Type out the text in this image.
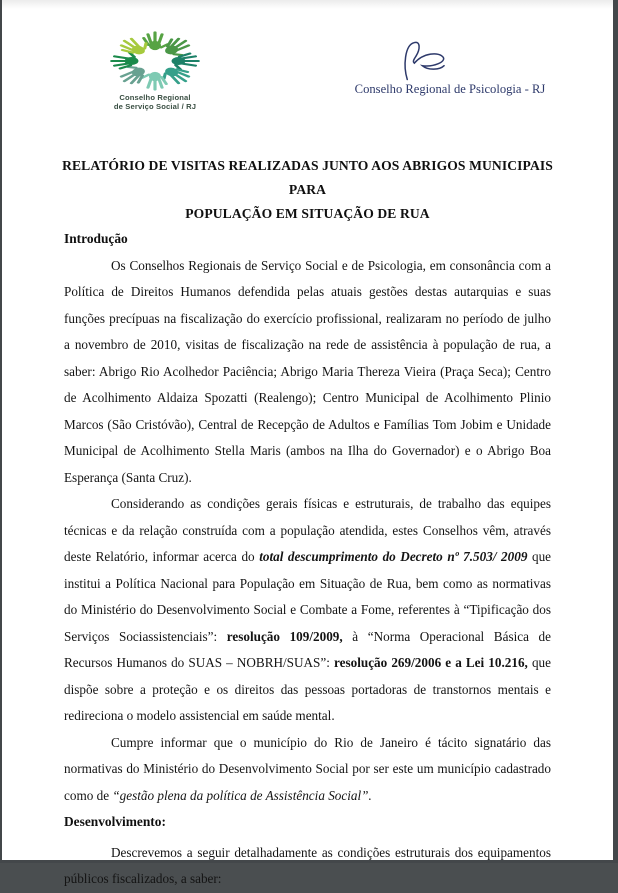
Conselho Regional
de Serviço Social / RJ
Conselho Regional de Psicologia - RJ
RELATÓRIO DE VISITAS REALIZADAS JUNTO AOS ABRIGOS MUNICIPAIS PARA
POPULAÇÃO EM SITUAÇÃO DE RUA
Introdução

Os Conselhos Regionais de Serviço Social e de Psicologia, em consonância com a Política de Direitos Humanos defendida pelas atuais gestões destas autarquias e suas funções precípuas na fiscalização do exercício profissional, realizaram no período de julho a novembro de 2010, visitas de fiscalização na rede de assistência à população de rua, a saber: Abrigo Rio Acolhedor Paciência; Abrigo Maria Thereza Vieira (Praça Seca); Centro de Acolhimento Aldaiza Spozatti (Realengo); Centro Municipal de Acolhimento Plinio Marcos (São Cristóvão), Central de Recepção de Adultos e Famílias Tom Jobim e Unidade Municipal de Acolhimento Stella Maris (ambos na Ilha do Governador) e o Abrigo Boa Esperança (Santa Cruz).

Considerando as condições gerais físicas e estruturais, de trabalho das equipes técnicas e da relação construída com a população atendida, estes Conselhos vêm, através deste Relatório, informar acerca do total descumprimento do Decreto nº 7.503/ 2009 que institui a Política Nacional para População em Situação de Rua, bem como as normativas do Ministério do Desenvolvimento Social e Combate a Fome, referentes à “Tipificação dos Serviços Sociassistenciais”: resolução 109/2009, à “Norma Operacional Básica de Recursos Humanos do SUAS – NOBRH/SUAS”: resolução 269/2006 e a Lei 10.216, que dispõe sobre a proteção e os direitos das pessoas portadoras de transtornos mentais e redireciona o modelo assistencial em saúde mental.

Cumpre informar que o município do Rio de Janeiro é tácito signatário das normativas do Ministério do Desenvolvimento Social por ser este um município cadastrado como de “gestão plena da política de Assistência Social”.

Desenvolvimento:

Descrevemos a seguir detalhadamente as condições estruturais dos equipamentos públicos fiscalizados, a saber:
